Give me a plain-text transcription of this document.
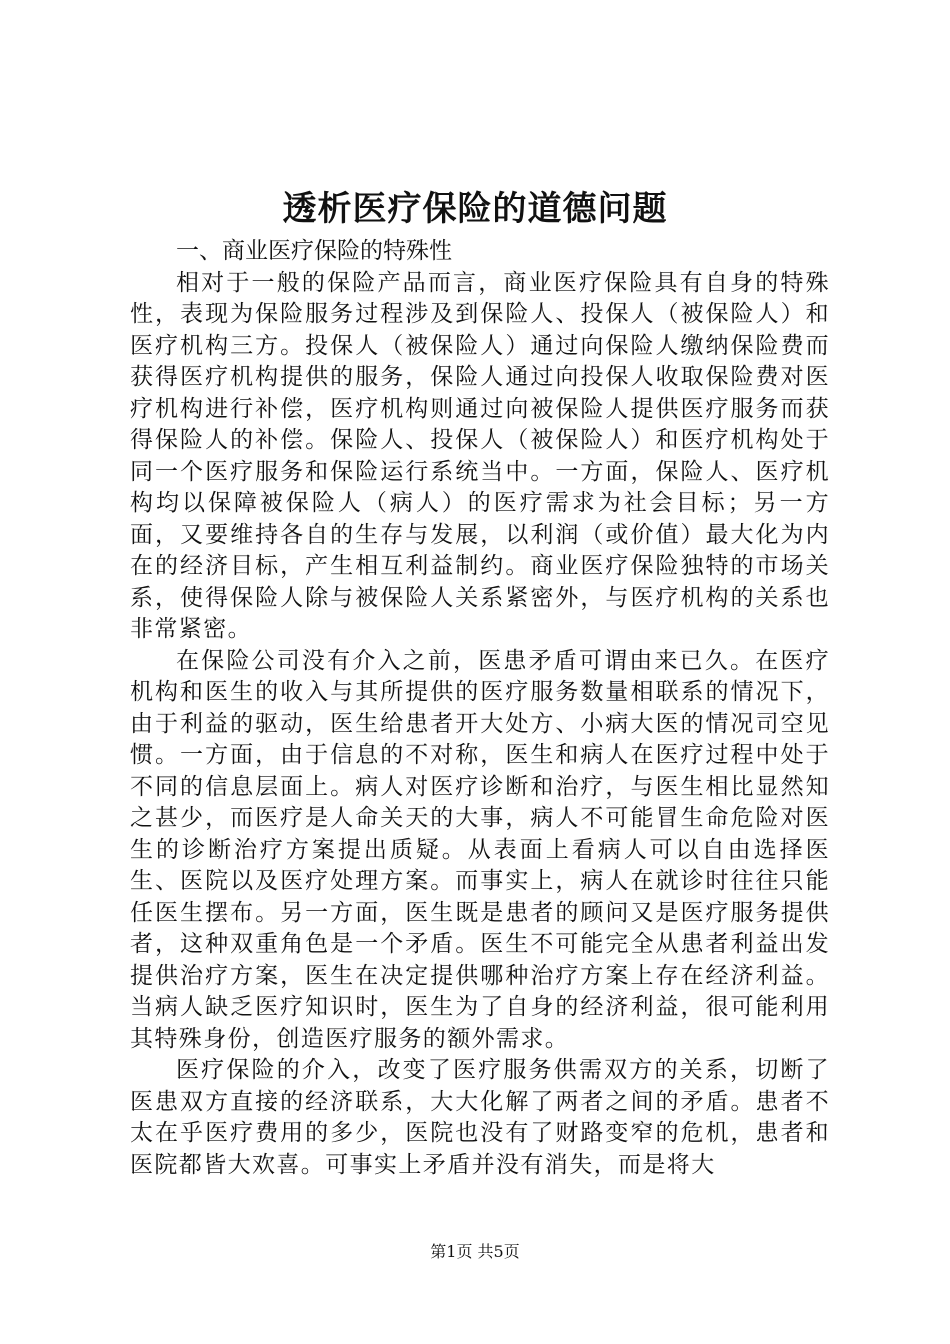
透析医疗保险的道德问题

一、商业医疗保险的特殊性

相对于一般的保险产品而言，商业医疗保险具有自身的特殊性，表现为保险服务过程涉及到保险人、投保人（被保险人）和医疗机构三方。投保人（被保险人）通过向保险人缴纳保险费而获得医疗机构提供的服务，保险人通过向投保人收取保险费对医疗机构进行补偿，医疗机构则通过向被保险人提供医疗服务而获得保险人的补偿。保险人、投保人（被保险人）和医疗机构处于同一个医疗服务和保险运行系统当中。一方面，保险人、医疗机构均以保障被保险人（病人）的医疗需求为社会目标；另一方面，又要维持各自的生存与发展，以利润（或价值）最大化为内在的经济目标，产生相互利益制约。商业医疗保险独特的市场关系，使得保险人除与被保险人关系紧密外，与医疗机构的关系也非常紧密。

在保险公司没有介入之前，医患矛盾可谓由来已久。在医疗机构和医生的收入与其所提供的医疗服务数量相联系的情况下，由于利益的驱动，医生给患者开大处方、小病大医的情况司空见惯。一方面，由于信息的不对称，医生和病人在医疗过程中处于不同的信息层面上。病人对医疗诊断和治疗，与医生相比显然知之甚少，而医疗是人命关天的大事，病人不可能冒生命危险对医生的诊断治疗方案提出质疑。从表面上看病人可以自由选择医生、医院以及医疗处理方案。而事实上，病人在就诊时往往只能任医生摆布。另一方面，医生既是患者的顾问又是医疗服务提供者，这种双重角色是一个矛盾。医生不可能完全从患者利益出发提供治疗方案，医生在决定提供哪种治疗方案上存在经济利益。当病人缺乏医疗知识时，医生为了自身的经济利益，很可能利用其特殊身份，创造医疗服务的额外需求。

医疗保险的介入，改变了医疗服务供需双方的关系，切断了医患双方直接的经济联系，大大化解了两者之间的矛盾。患者不太在乎医疗费用的多少，医院也没有了财路变窄的危机，患者和医院都皆大欢喜。可事实上矛盾并没有消失，而是将大

第1页 共5页
